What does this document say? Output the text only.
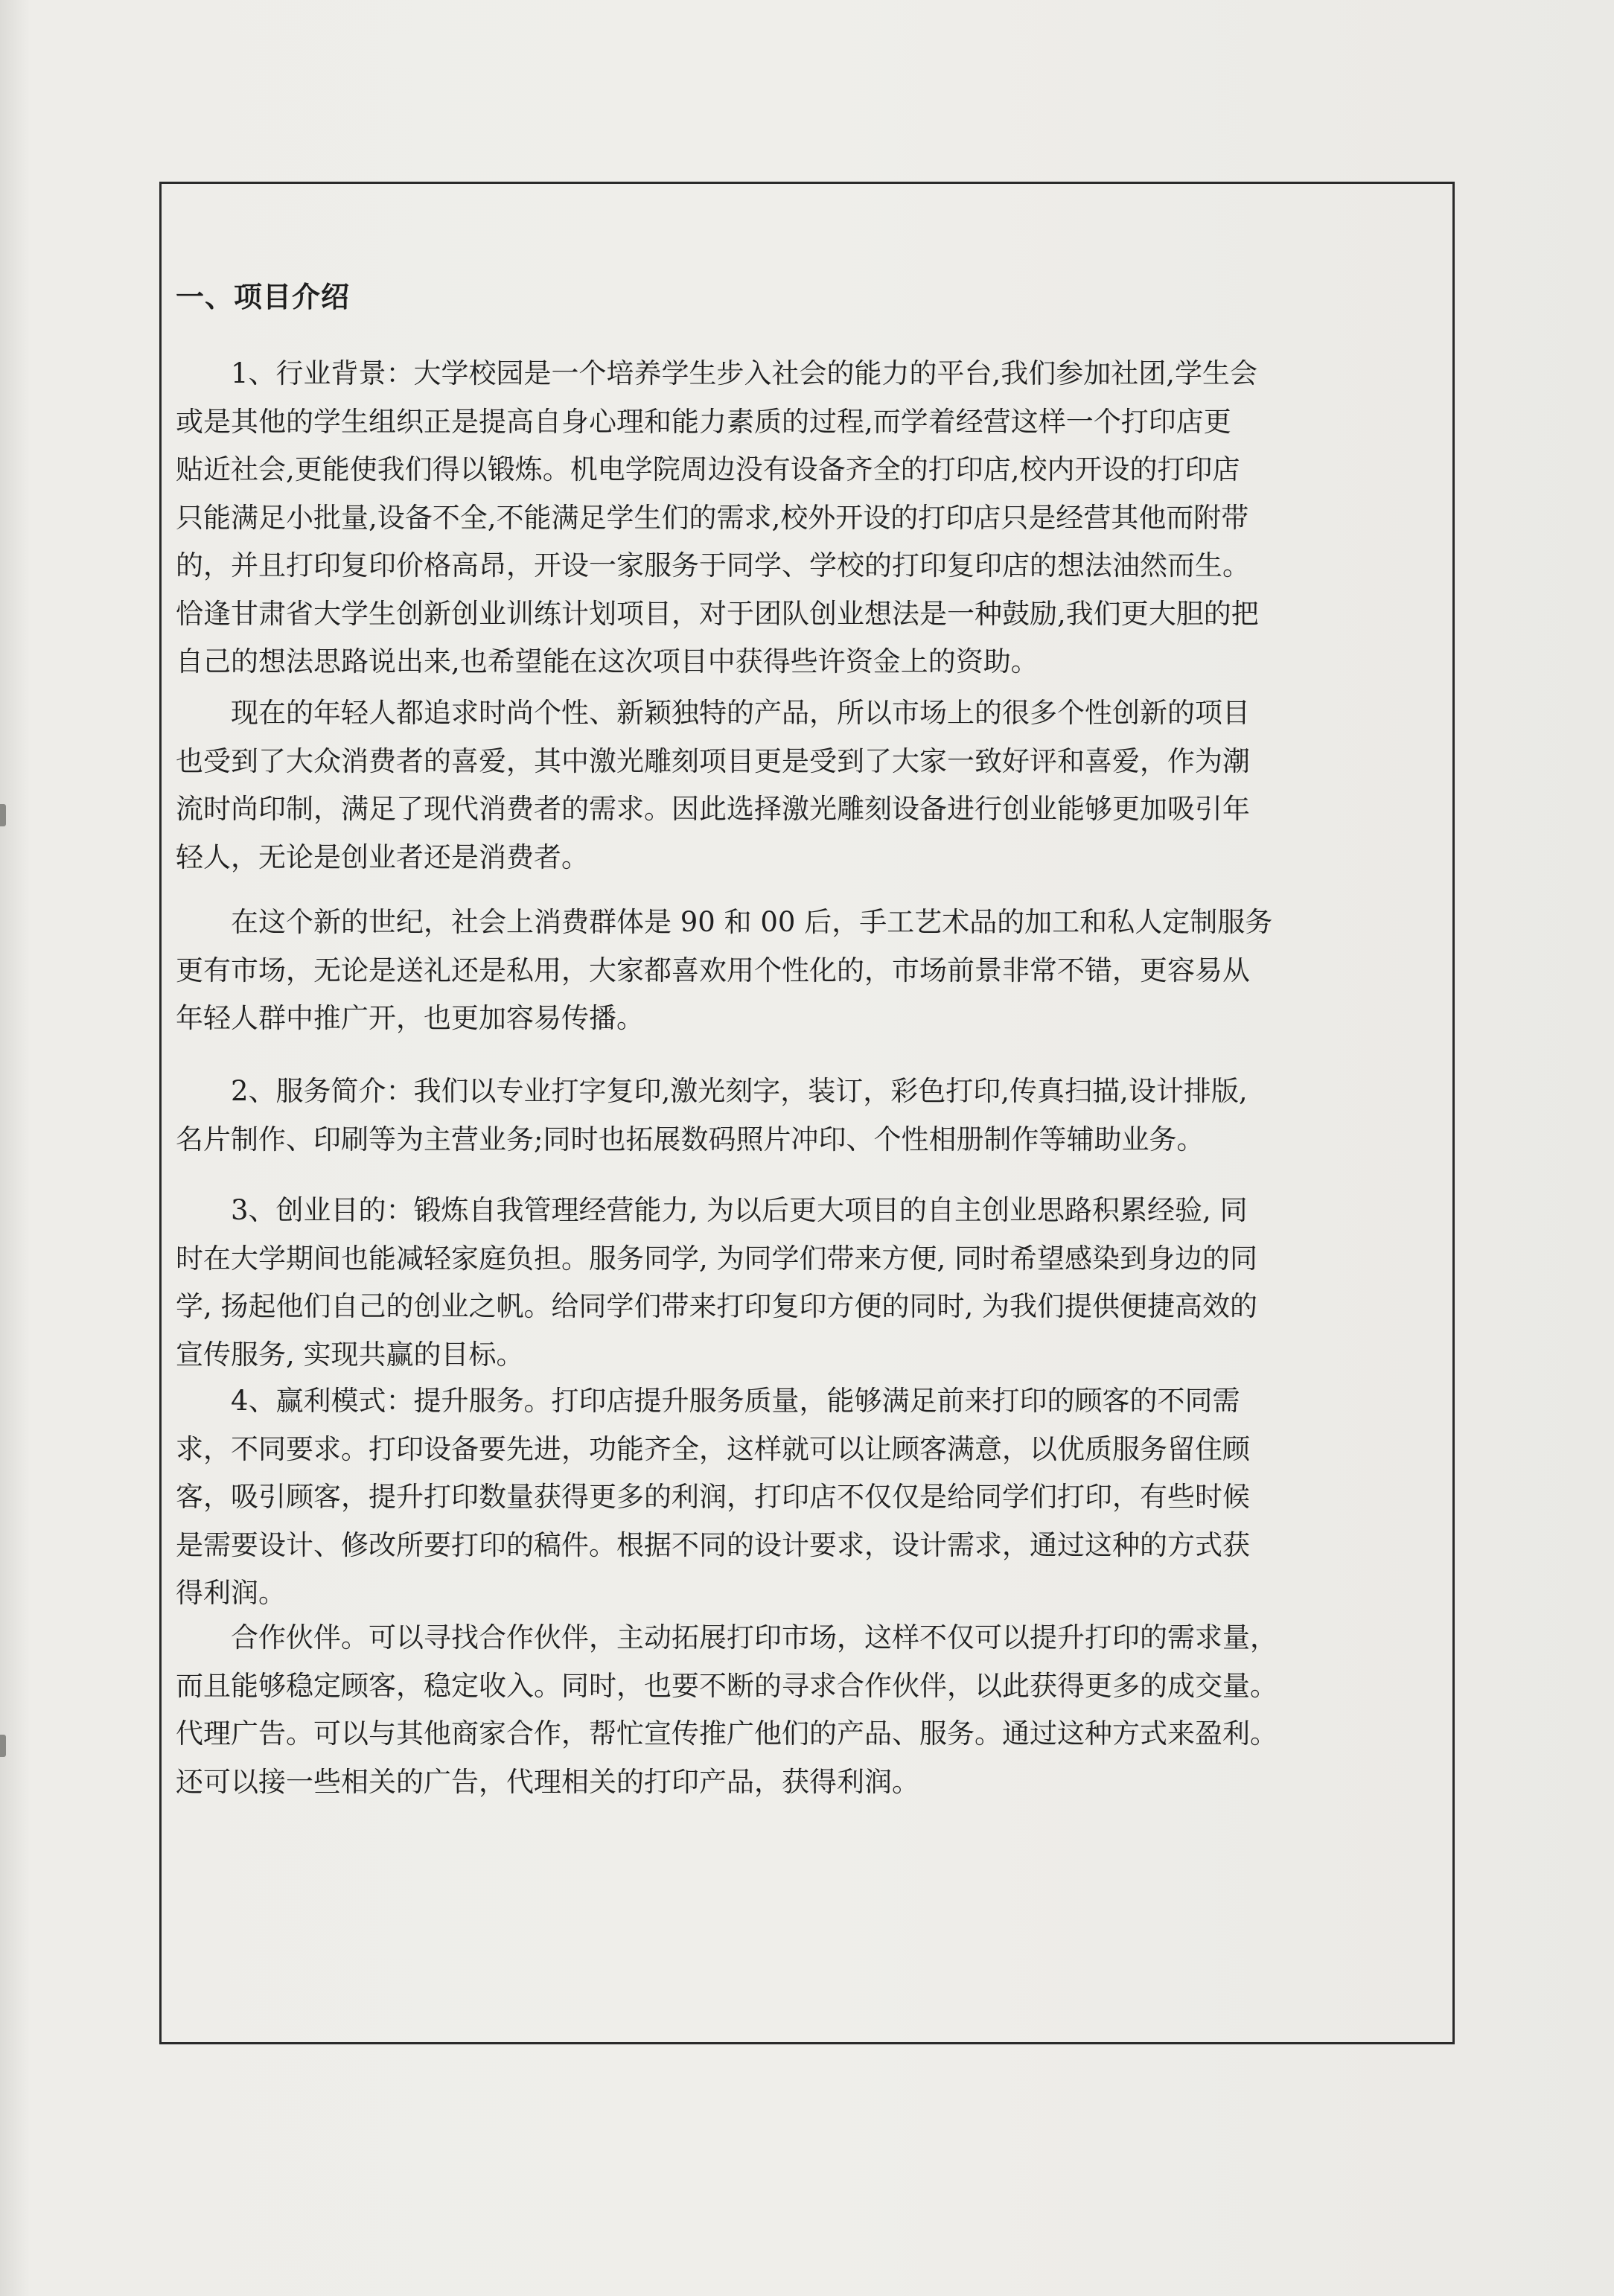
一、项目介绍
　　1、行业背景：大学校园是一个培养学生步入社会的能力的平台,我们参加社团,学生会
或是其他的学生组织正是提高自身心理和能力素质的过程,而学着经营这样一个打印店更
贴近社会,更能使我们得以锻炼。机电学院周边没有设备齐全的打印店,校内开设的打印店
只能满足小批量,设备不全,不能满足学生们的需求,校外开设的打印店只是经营其他而附带
的，并且打印复印价格高昂，开设一家服务于同学、学校的打印复印店的想法油然而生。
恰逢甘肃省大学生创新创业训练计划项目，对于团队创业想法是一种鼓励,我们更大胆的把
自己的想法思路说出来,也希望能在这次项目中获得些许资金上的资助。
　　现在的年轻人都追求时尚个性、新颖独特的产品，所以市场上的很多个性创新的项目
也受到了大众消费者的喜爱，其中激光雕刻项目更是受到了大家一致好评和喜爱，作为潮
流时尚印制，满足了现代消费者的需求。因此选择激光雕刻设备进行创业能够更加吸引年
轻人，无论是创业者还是消费者。
　　在这个新的世纪，社会上消费群体是 90 和 00 后，手工艺术品的加工和私人定制服务
更有市场，无论是送礼还是私用，大家都喜欢用个性化的，市场前景非常不错，更容易从
年轻人群中推广开，也更加容易传播。
　　2、服务简介：我们以专业打字复印,激光刻字，装订，彩色打印,传真扫描,设计排版,
名片制作、印刷等为主营业务;同时也拓展数码照片冲印、个性相册制作等辅助业务。
　　3、创业目的：锻炼自我管理经营能力, 为以后更大项目的自主创业思路积累经验, 同
时在大学期间也能减轻家庭负担。服务同学, 为同学们带来方便, 同时希望感染到身边的同
学, 扬起他们自己的创业之帆。给同学们带来打印复印方便的同时, 为我们提供便捷高效的
宣传服务, 实现共赢的目标。
　　4、赢利模式：提升服务。打印店提升服务质量，能够满足前来打印的顾客的不同需
求，不同要求。打印设备要先进，功能齐全，这样就可以让顾客满意，以优质服务留住顾
客，吸引顾客，提升打印数量获得更多的利润，打印店不仅仅是给同学们打印，有些时候
是需要设计、修改所要打印的稿件。根据不同的设计要求，设计需求，通过这种的方式获
得利润。
　　合作伙伴。可以寻找合作伙伴，主动拓展打印市场，这样不仅可以提升打印的需求量，
而且能够稳定顾客，稳定收入。同时，也要不断的寻求合作伙伴，以此获得更多的成交量。
代理广告。可以与其他商家合作，帮忙宣传推广他们的产品、服务。通过这种方式来盈利。
还可以接一些相关的广告，代理相关的打印产品，获得利润。
